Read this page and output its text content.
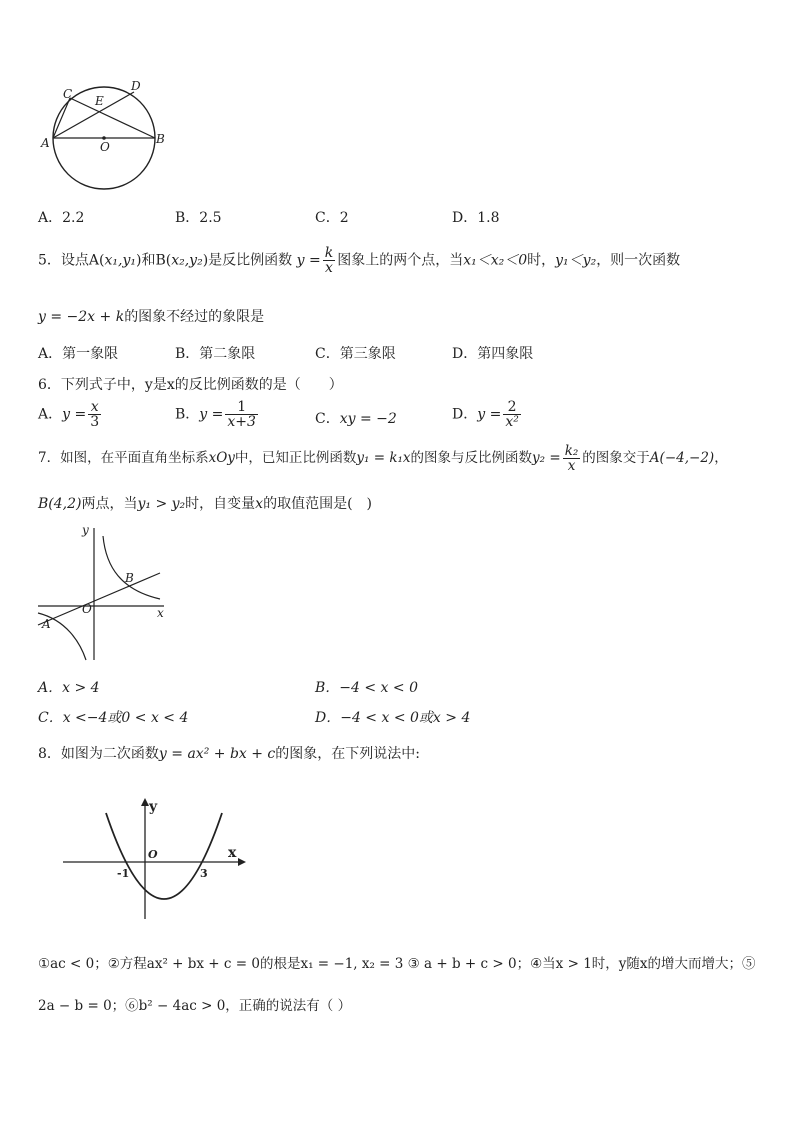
C
D
E
A	B
O
A．2.2	B．2.5	C．2	D．1.8
5．设点A(x₁,y₁)和B(x₂,y₂)是反比例函数 $y = \frac{k}{x}$ 图象上的两个点，当x₁＜x₂＜0时，y₁＜y₂，则一次函数
y = −2x + k的图象不经过的象限是
A．第一象限	B．第二象限	C．第三象限	D．第四象限
6．下列式子中，y是x的反比例函数的是（　　）
A．$y = \frac{x}{3}$	B．$y = \frac{1}{x+3}$	C．xy = −2	D．$y = \frac{2}{\text{x²}}$
7．如图，在平面直角坐标系xOy中，已知正比例函数y₁ = k₁x的图象与反比例函数$y_2 = \frac{\text{k₂}}{x}$ 的图象交于A(−4,−2)，
B(4,2)两点，当y₁ > y₂时，自变量x的取值范围是(　)
y
x
O
B
A
A．x > 4	B．−4 < x < 0
C．x <−4或0 < x < 4	D．−4 < x < 0或x > 4
8．如图为二次函数y = ax² + bx + c的图象，在下列说法中:
y
x
O
-1	3
①ac < 0；②方程ax² + bx + c = 0的根是x₁ = −1, x₂ = 3 ③ a + b + c > 0；④当x > 1时，y随x的增大而增大；⑤
2a − b = 0；⑥b² − 4ac > 0，正确的说法有（ ）
